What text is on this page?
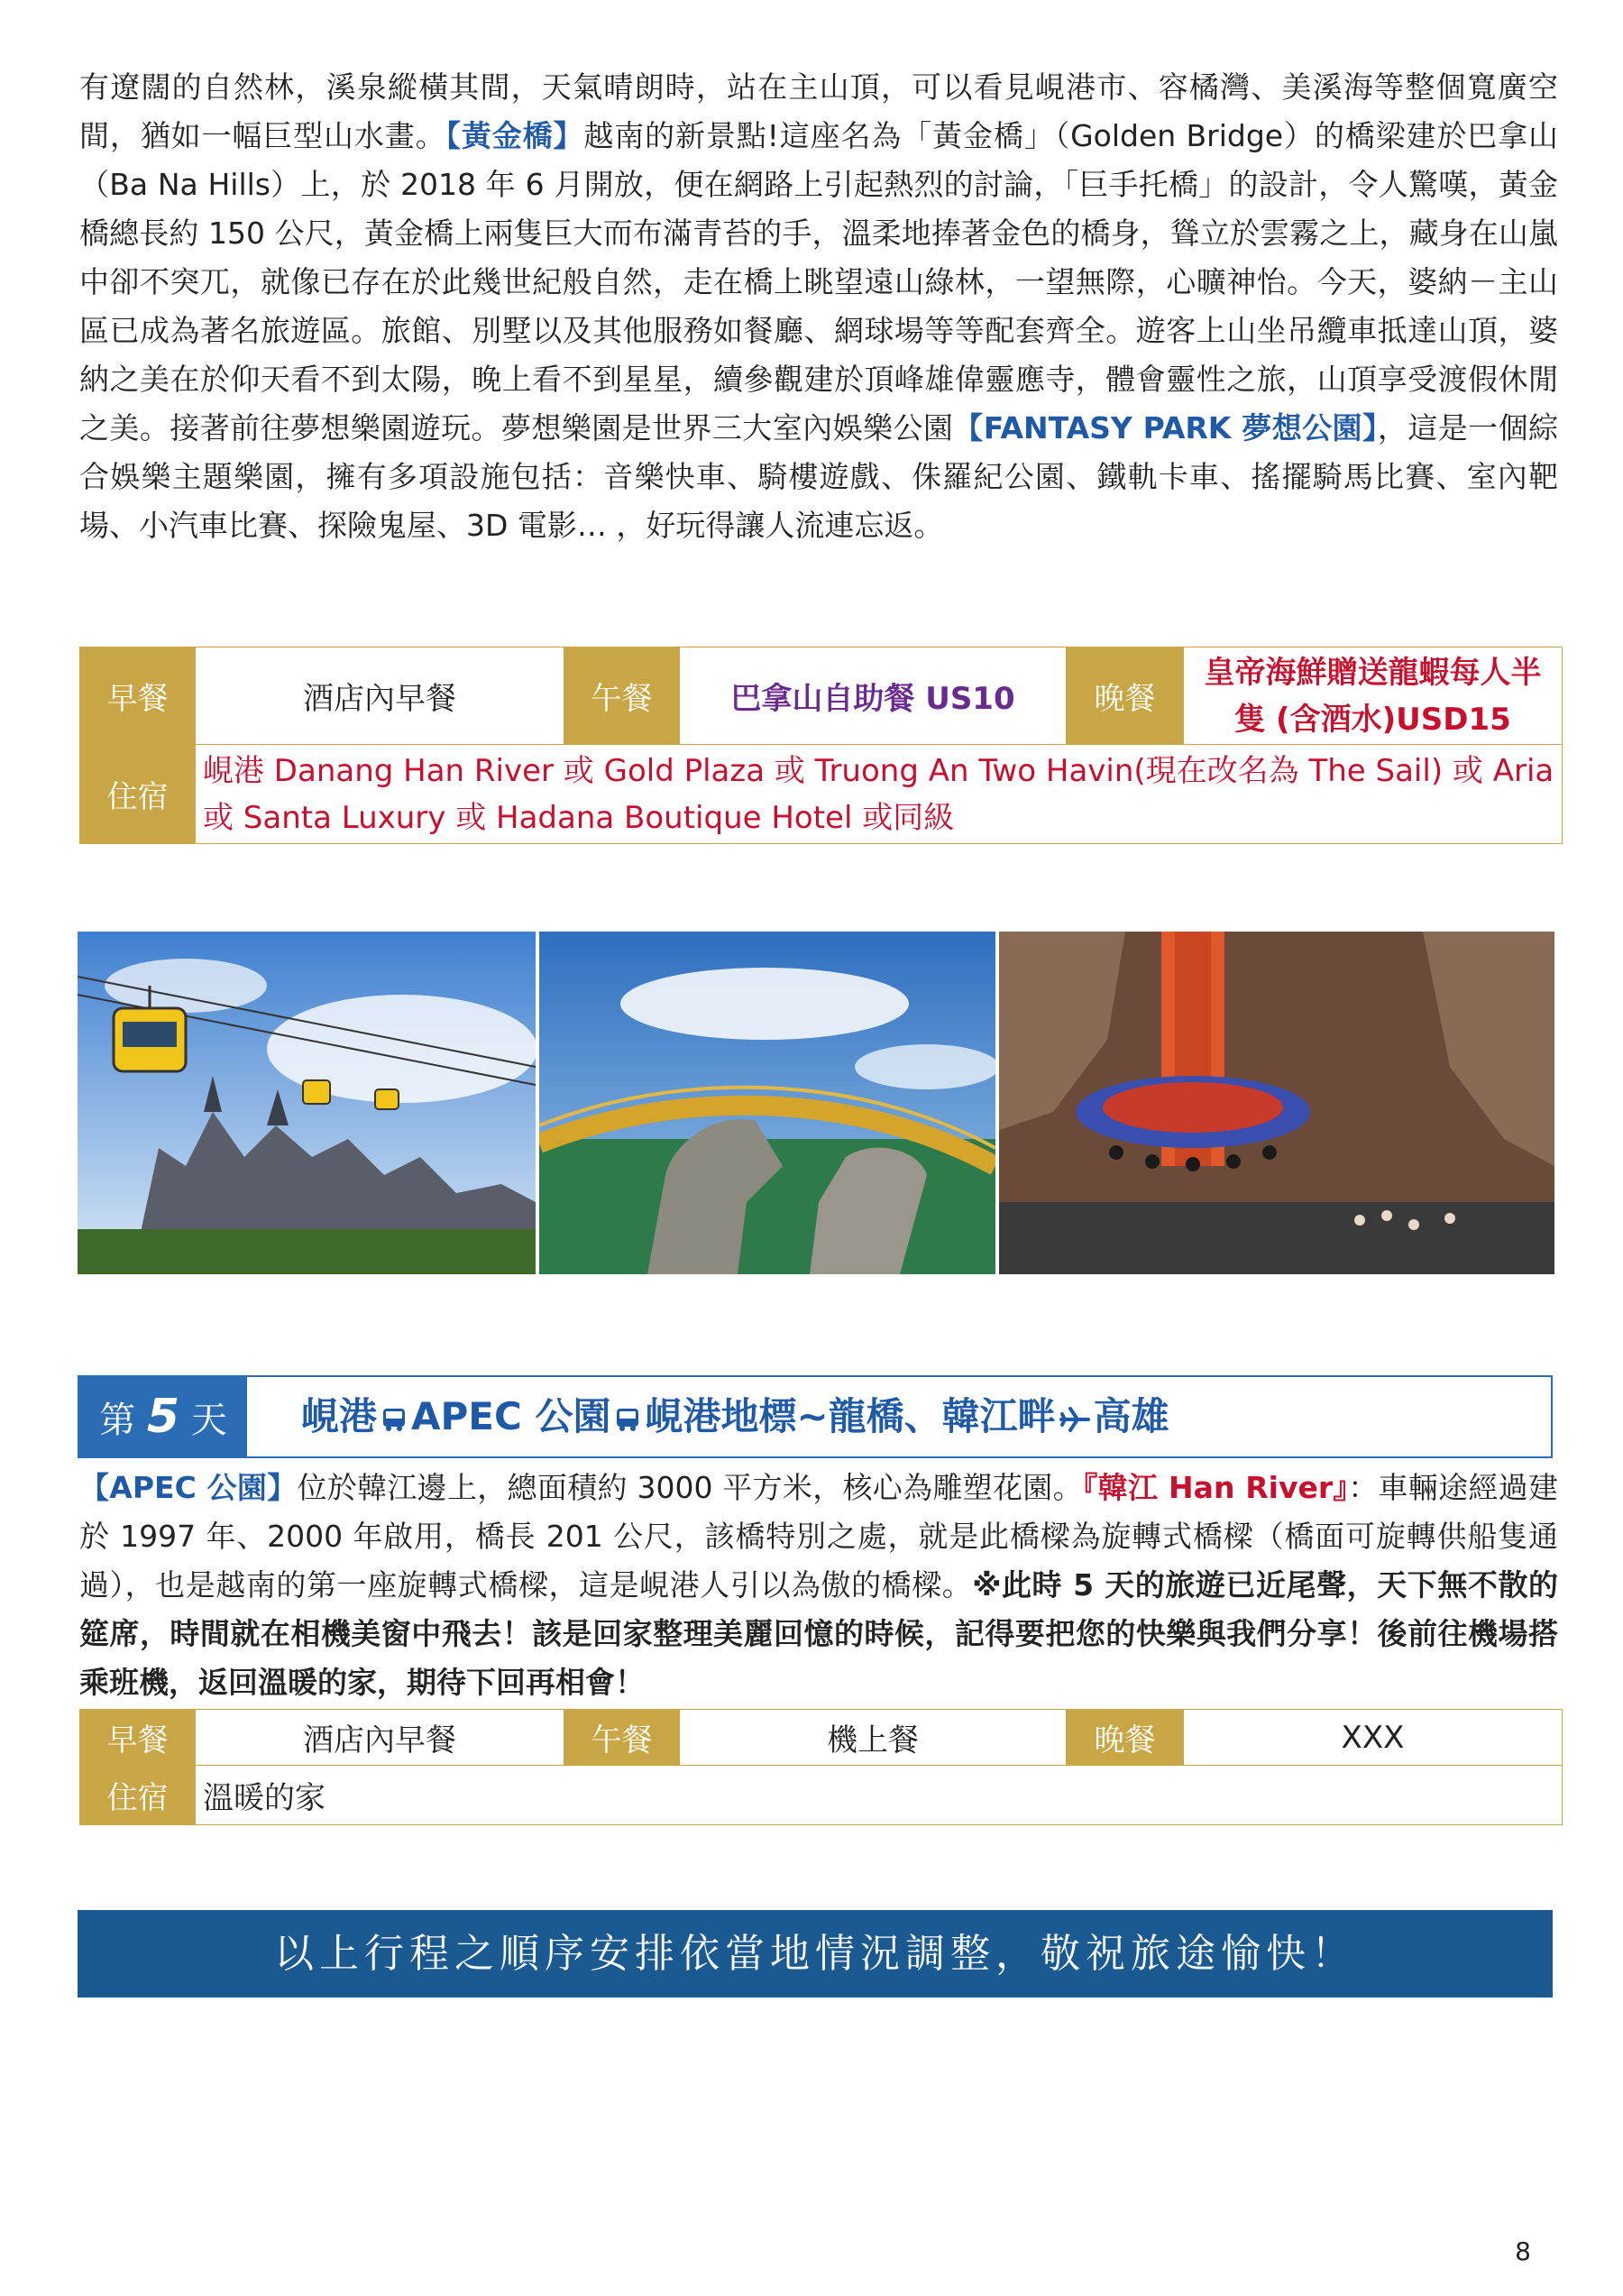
有遼闊的自然林，溪泉縱橫其間，天氣晴朗時，站在主山頂，可以看見峴港市、容橘灣、美溪海等整個寬廣空間，猶如一幅巨型山水畫。【黃金橋】越南的新景點!這座名為「黃金橋」（Golden Bridge）的橋梁建於巴拿山（Ba Na Hills）上，於 2018 年 6 月開放，便在網路上引起熱烈的討論，「巨手托橋」的設計，令人驚嘆，黃金橋總長約 150 公尺，黃金橋上兩隻巨大而布滿青苔的手，溫柔地捧著金色的橋身，聳立於雲霧之上，藏身在山嵐中卻不突兀，就像已存在於此幾世紀般自然，走在橋上眺望遠山綠林，一望無際，心曠神怡。今天，婆納－主山區已成為著名旅遊區。旅館、別墅以及其他服務如餐廳、網球場等等配套齊全。遊客上山坐吊纜車抵達山頂，婆納之美在於仰天看不到太陽，晚上看不到星星，續參觀建於頂峰雄偉靈應寺，體會靈性之旅，山頂享受渡假休閒之美。接著前往夢想樂園遊玩。夢想樂園是世界三大室內娛樂公園【FANTASY PARK 夢想公園】，這是一個綜合娛樂主題樂園，擁有多項設施包括：音樂快車、騎樓遊戲、侏羅紀公園、鐵軌卡車、搖擺騎馬比賽、室內靶場、小汽車比賽、探險鬼屋、3D 電影… ，好玩得讓人流連忘返。
早餐	酒店內早餐	午餐	巴拿山自助餐 US10	晚餐	皇帝海鮮贈送龍蝦每人半隻 (含酒水)USD15
住宿	峴港 Danang Han River 或 Gold Plaza 或 Truong An Two Havin(現在改名為 The Sail) 或 Aria 或 Santa Luxury 或 Hadana Boutique Hotel 或同級				
第 5 天	峴港 APEC 公園 峴港地標~龍橋、韓江畔 高雄
【APEC 公園】位於韓江邊上，總面積約 3000 平方米，核心為雕塑花園。『韓江 Han River』：車輛途經過建於 1997 年、2000 年啟用，橋長 201 公尺，該橋特別之處，就是此橋樑為旋轉式橋樑（橋面可旋轉供船隻通過），也是越南的第一座旋轉式橋樑，這是峴港人引以為傲的橋樑。※此時 5 天的旅遊已近尾聲，天下無不散的筵席，時間就在相機美窗中飛去！該是回家整理美麗回憶的時候，記得要把您的快樂與我們分享！後前往機場搭乘班機，返回溫暖的家，期待下回再相會！
早餐	酒店內早餐	午餐	機上餐	晚餐	XXX
住宿	溫暖的家				
以上行程之順序安排依當地情況調整，敬祝旅途愉快！
8
